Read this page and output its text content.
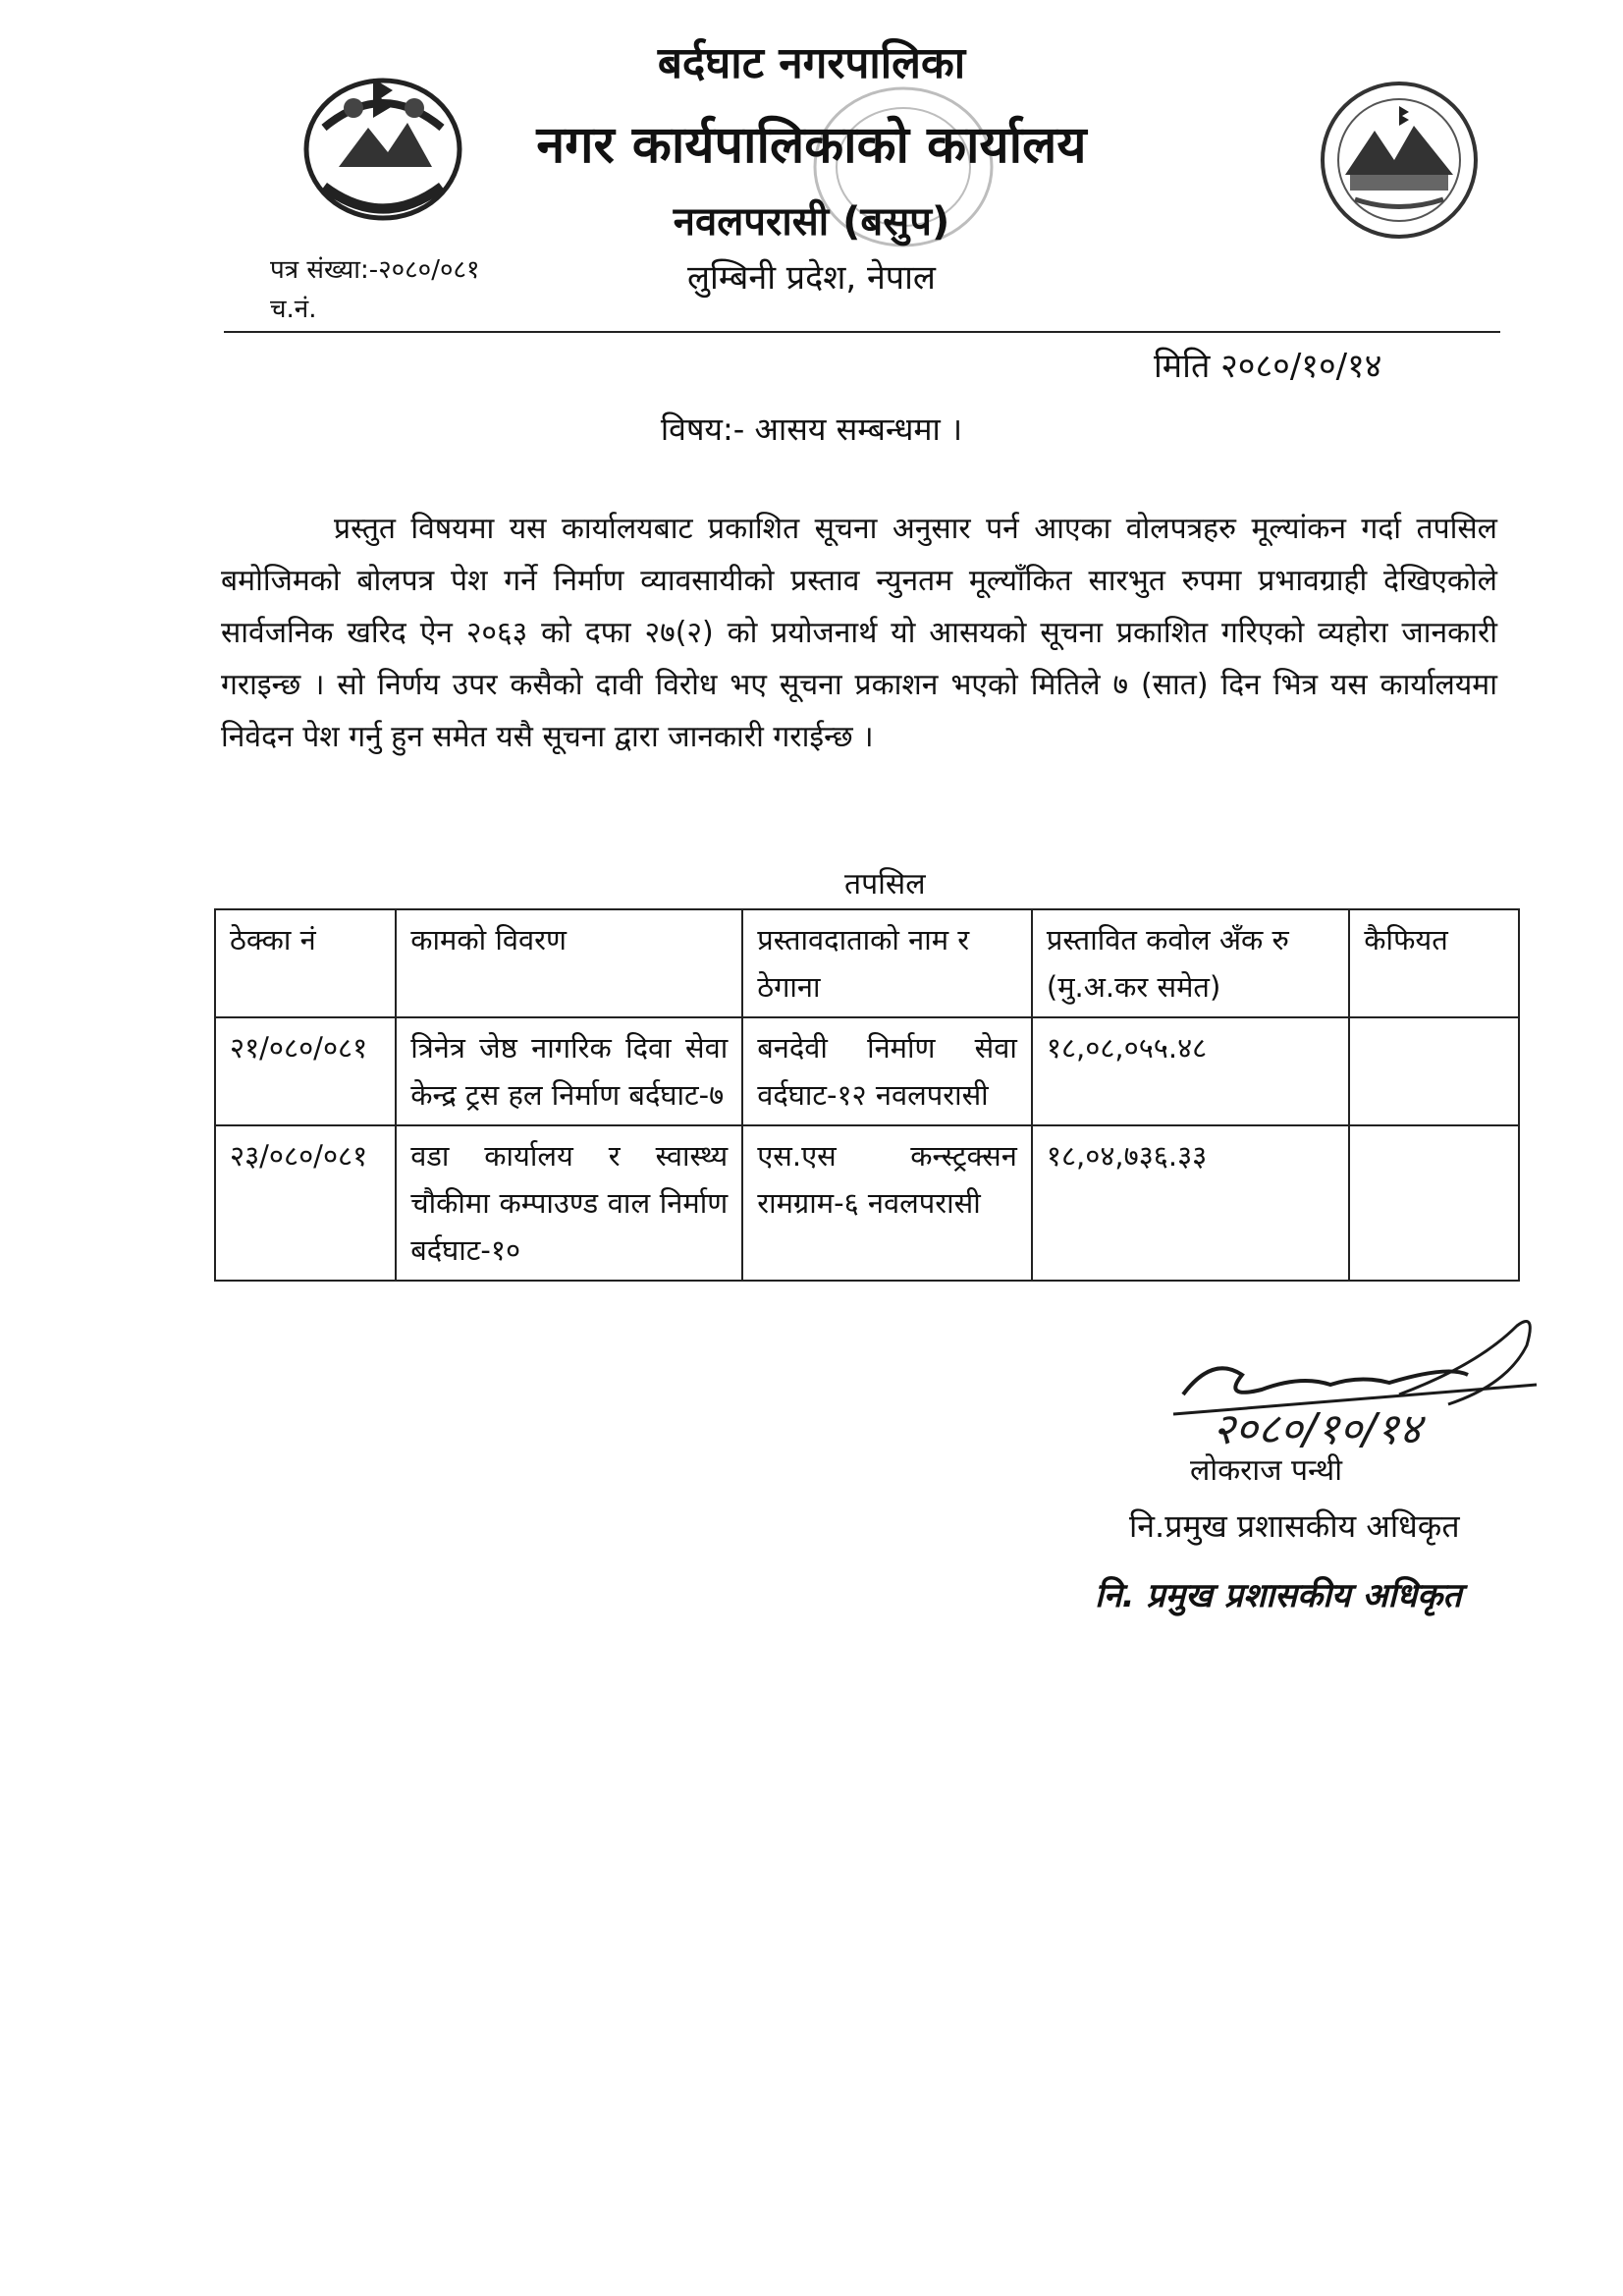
बर्दघाट नगरपालिका
नगर कार्यपालिकाको कार्यालय
नवलपरासी (बसुप)
लुम्बिनी प्रदेश, नेपाल
पत्र संख्या:-२०८०/०८१
च.नं.
मिति २०८०/१०/१४
विषय:- आसय सम्बन्धमा ।
प्रस्तुत विषयमा यस कार्यालयबाट प्रकाशित सूचना अनुसार पर्न आएका वोलपत्रहरु मूल्यांकन गर्दा तपसिल बमोजिमको बोलपत्र पेश गर्ने निर्माण व्यावसायीको प्रस्ताव न्युनतम मूल्याँकित सारभुत रुपमा प्रभावग्राही देखिएकोले सार्वजनिक खरिद ऐन २०६३ को दफा २७(२) को प्रयोजनार्थ यो आसयको सूचना प्रकाशित गरिएको व्यहोरा जानकारी गराइन्छ । सो निर्णय उपर कसैको दावी विरोध भए सूचना प्रकाशन भएको मितिले ७ (सात) दिन भित्र यस कार्यालयमा निवेदन पेश गर्नु हुन समेत यसै सूचना द्वारा जानकारी गराईन्छ ।
तपसिल
ठेक्का नं	कामको विवरण	प्रस्तावदाताको नाम र ठेगाना	प्रस्तावित कवोल अँक रु (मु.अ.कर समेत)	कैफियत
२१/०८०/०८१	त्रिनेत्र जेष्ठ नागरिक दिवा सेवा केन्द्र ट्रस हल निर्माण बर्दघाट-७	बनदेवी निर्माण सेवा वर्दघाट-१२ नवलपरासी	१८,०८,०५५.४८	
२३/०८०/०८१	वडा कार्यालय र स्वास्थ्य चौकीमा कम्पाउण्ड वाल निर्माण बर्दघाट-१०	एस.एस कन्स्ट्रक्सन रामग्राम-६ नवलपरासी	१८,०४,७३६.३३	
२०८०/१०/१४
लोकराज पन्थी
नि.प्रमुख प्रशासकीय अधिकृत
नि. प्रमुख प्रशासकीय अधिकृत
